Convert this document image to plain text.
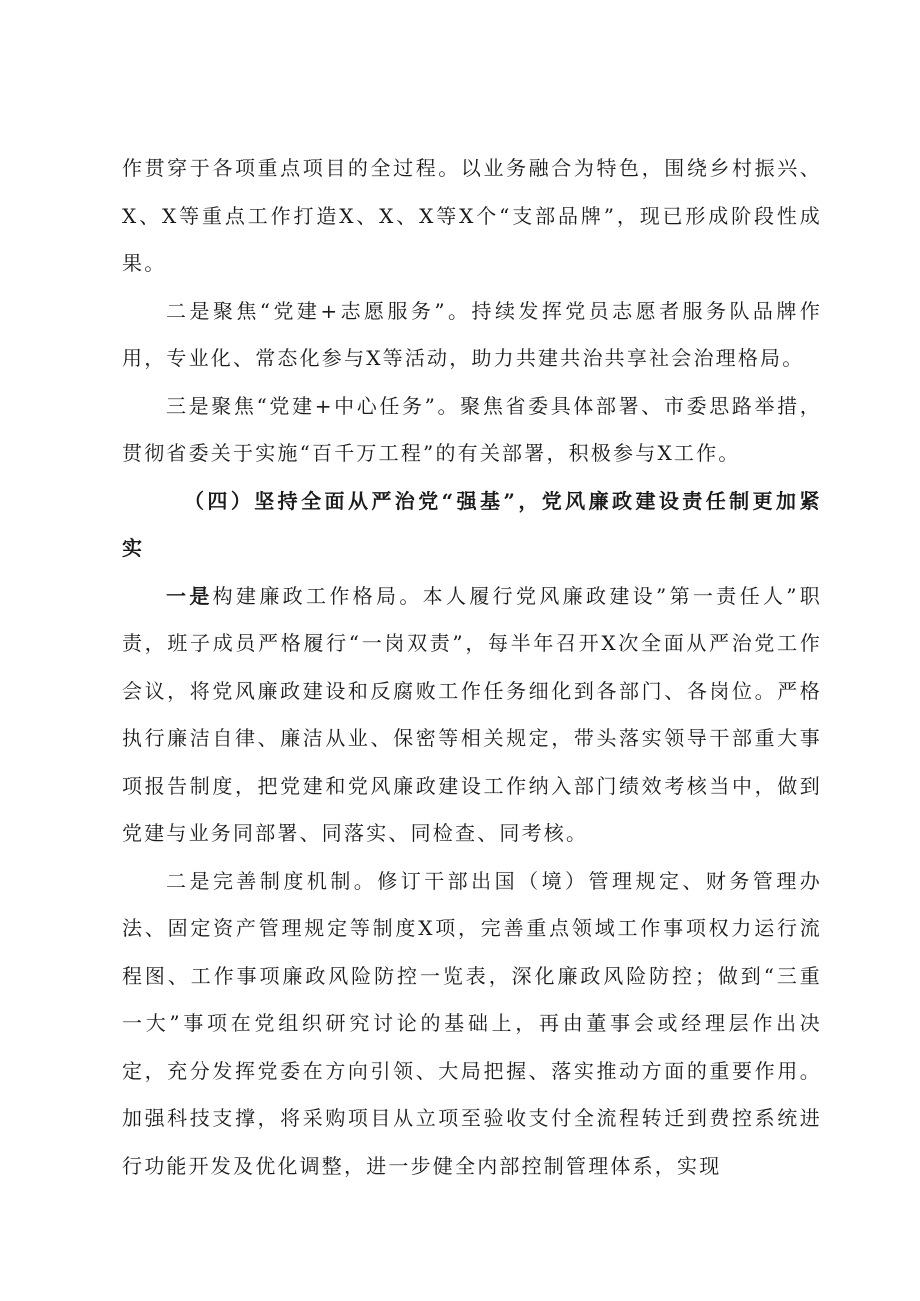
作贯穿于各项重点项目的全过程。以业务融合为特色，围绕乡村振兴、X、X等重点工作打造X、X、X等X个“支部品牌”，现已形成阶段性成果。

二是聚焦“党建+志愿服务”。持续发挥党员志愿者服务队品牌作用，专业化、常态化参与X等活动，助力共建共治共享社会治理格局。

三是聚焦“党建+中心任务”。聚焦省委具体部署、市委思路举措，贯彻省委关于实施“百千万工程”的有关部署，积极参与X工作。

（四）坚持全面从严治党“强基”，党风廉政建设责任制更加紧实

一是构建廉政工作格局。本人履行党风廉政建设”第一责任人”职责，班子成员严格履行“一岗双责”，每半年召开X次全面从严治党工作会议，将党风廉政建设和反腐败工作任务细化到各部门、各岗位。严格执行廉洁自律、廉洁从业、保密等相关规定，带头落实领导干部重大事项报告制度，把党建和党风廉政建设工作纳入部门绩效考核当中，做到党建与业务同部署、同落实、同检查、同考核。

二是完善制度机制。修订干部出国（境）管理规定、财务管理办法、固定资产管理规定等制度X项，完善重点领域工作事项权力运行流程图、工作事项廉政风险防控一览表，深化廉政风险防控；做到“三重一大”事项在党组织研究讨论的基础上，再由董事会或经理层作出决定，充分发挥党委在方向引领、大局把握、落实推动方面的重要作用。加强科技支撑，将采购项目从立项至验收支付全流程转迁到费控系统进行功能开发及优化调整，进一步健全内部控制管理体系，实现
